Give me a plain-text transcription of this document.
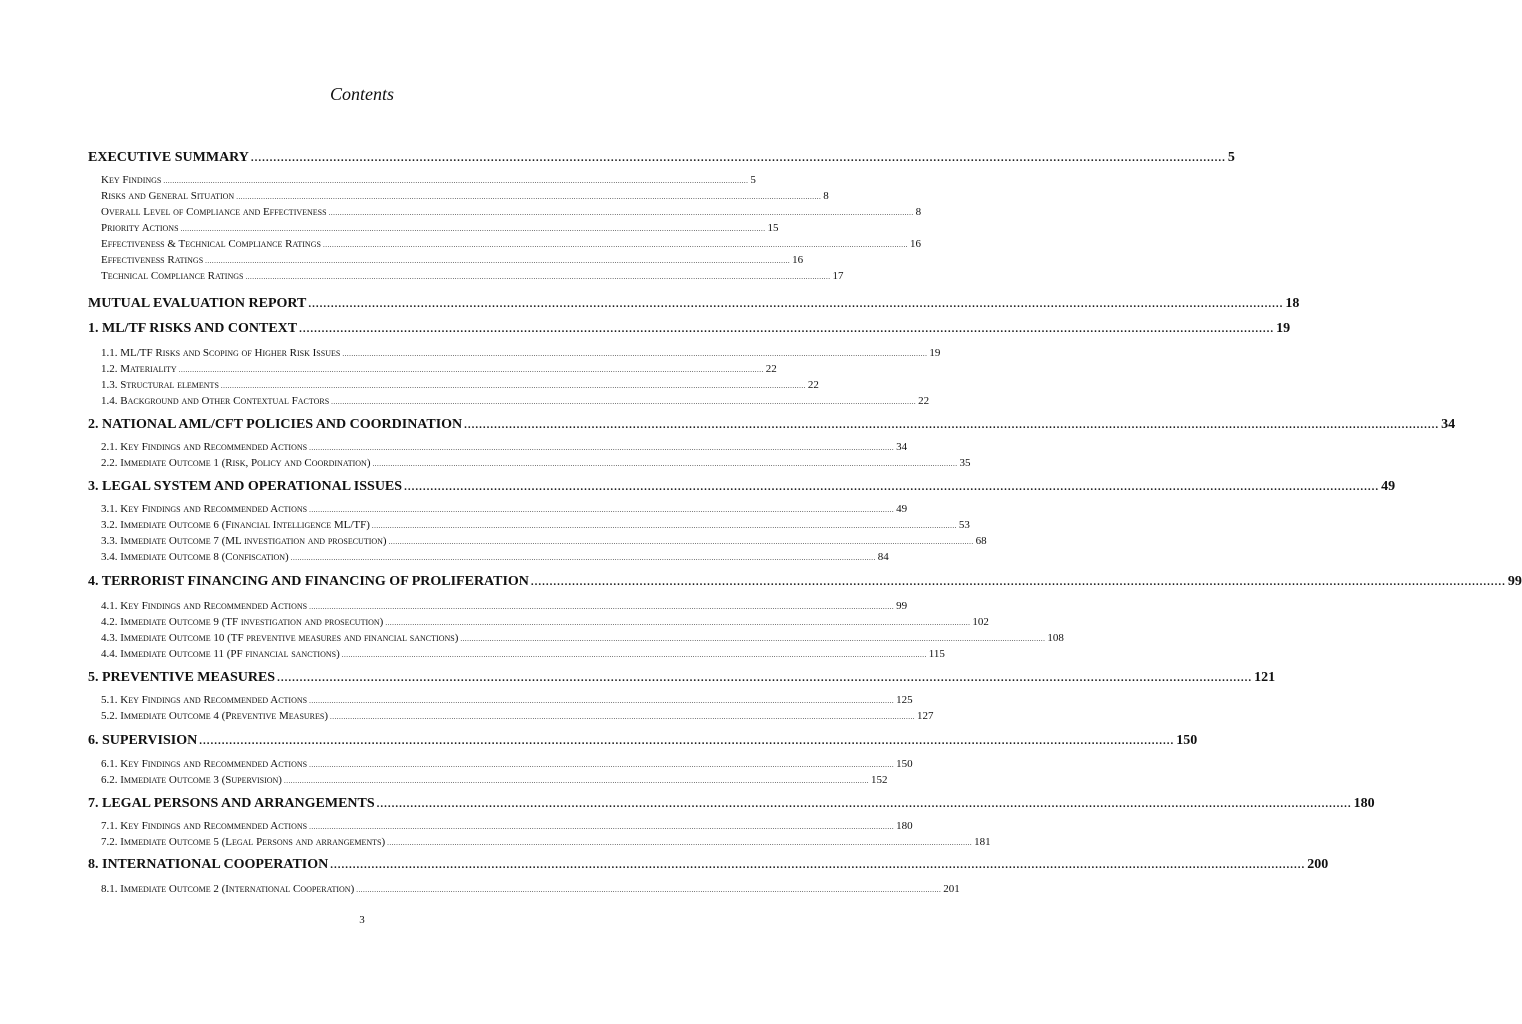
Contents
EXECUTIVE SUMMARY .................................................................................................................................................................................................................................................................... 5
Key Findings .................................................................................................................................................................................................................................................................... 5
Risks and General Situation .................................................................................................................................................................................................................................................................... 8
Overall Level of Compliance and Effectiveness .................................................................................................................................................................................................................................................................... 8
Priority Actions .................................................................................................................................................................................................................................................................... 15
Effectiveness & Technical Compliance Ratings .................................................................................................................................................................................................................................................................... 16
Effectiveness Ratings .................................................................................................................................................................................................................................................................... 16
Technical Compliance Ratings .................................................................................................................................................................................................................................................................... 17
MUTUAL EVALUATION REPORT .................................................................................................................................................................................................................................................................... 18
1. ML/TF RISKS AND CONTEXT .................................................................................................................................................................................................................................................................... 19
1.1. ML/TF Risks and Scoping of Higher Risk Issues .................................................................................................................................................................................................................................................................... 19
1.2. Materiality .................................................................................................................................................................................................................................................................... 22
1.3. Structural elements .................................................................................................................................................................................................................................................................... 22
1.4. Background and Other Contextual Factors .................................................................................................................................................................................................................................................................... 22
2. NATIONAL AML/CFT POLICIES AND COORDINATION .................................................................................................................................................................................................................................................................... 34
2.1. Key Findings and Recommended Actions .................................................................................................................................................................................................................................................................... 34
2.2. Immediate Outcome 1 (Risk, Policy and Coordination) .................................................................................................................................................................................................................................................................... 35
3. LEGAL SYSTEM AND OPERATIONAL ISSUES .................................................................................................................................................................................................................................................................... 49
3.1. Key Findings and Recommended Actions .................................................................................................................................................................................................................................................................... 49
3.2. Immediate Outcome 6 (Financial Intelligence ML/TF) .................................................................................................................................................................................................................................................................... 53
3.3. Immediate Outcome 7 (ML investigation and prosecution) .................................................................................................................................................................................................................................................................... 68
3.4. Immediate Outcome 8 (Confiscation) .................................................................................................................................................................................................................................................................... 84
4. TERRORIST FINANCING AND FINANCING OF PROLIFERATION .................................................................................................................................................................................................................................................................... 99
4.1. Key Findings and Recommended Actions .................................................................................................................................................................................................................................................................... 99
4.2. Immediate Outcome 9 (TF investigation and prosecution) .................................................................................................................................................................................................................................................................... 102
4.3. Immediate Outcome 10 (TF preventive measures and financial sanctions) .................................................................................................................................................................................................................................................................... 108
4.4. Immediate Outcome 11 (PF financial sanctions) .................................................................................................................................................................................................................................................................... 115
5. PREVENTIVE MEASURES .................................................................................................................................................................................................................................................................... 121
5.1. Key Findings and Recommended Actions .................................................................................................................................................................................................................................................................... 125
5.2. Immediate Outcome 4 (Preventive Measures) .................................................................................................................................................................................................................................................................... 127
6. SUPERVISION .................................................................................................................................................................................................................................................................... 150
6.1. Key Findings and Recommended Actions .................................................................................................................................................................................................................................................................... 150
6.2. Immediate Outcome 3 (Supervision) .................................................................................................................................................................................................................................................................... 152
7. LEGAL PERSONS AND ARRANGEMENTS .................................................................................................................................................................................................................................................................... 180
7.1. Key Findings and Recommended Actions .................................................................................................................................................................................................................................................................... 180
7.2. Immediate Outcome 5 (Legal Persons and arrangements) .................................................................................................................................................................................................................................................................... 181
8. INTERNATIONAL COOPERATION .................................................................................................................................................................................................................................................................... 200
8.1. Immediate Outcome 2 (International Cooperation) .................................................................................................................................................................................................................................................................... 201
3
